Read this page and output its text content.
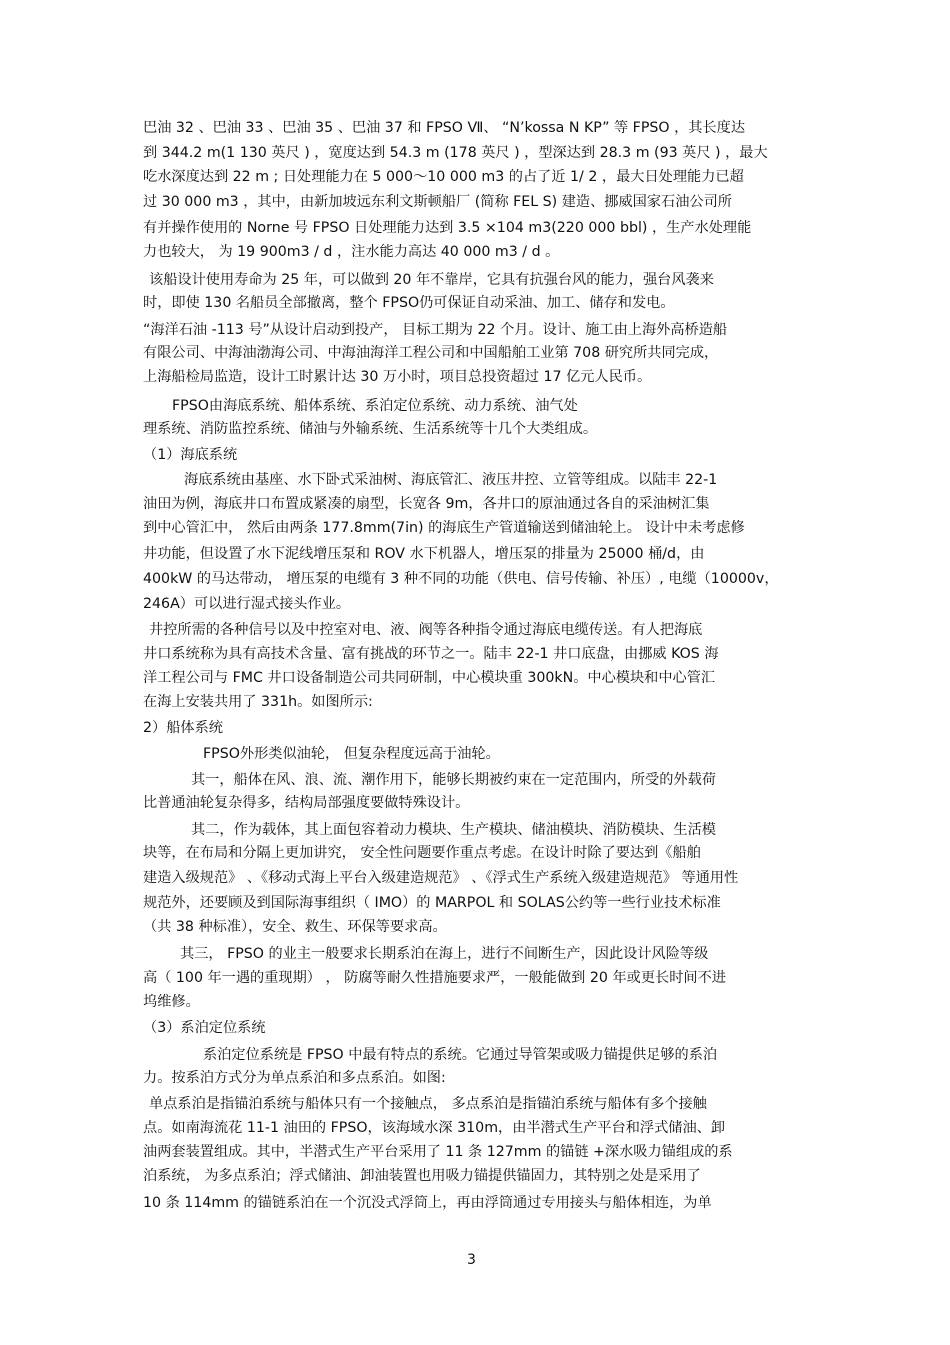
巴油 32 、巴油 33 、巴油 35 、巴油 37 和 FPSO Ⅶ、 “N’kossa N KP” 等 FPSO ，其长度达
到 344.2 m(1 130 英尺 ) ，宽度达到 54.3 m (178 英尺 ) ，型深达到 28.3 m (93 英尺 ) ，最大
吃水深度达到 22 m ; 日处理能力在 5 000～10 000 m3 的占了近 1/ 2 ，最大日处理能力已超
过 30 000 m3 ，其中，由新加坡远东利文斯顿船厂 (简称 FEL S) 建造、挪威国家石油公司所
有并操作使用的 Norne 号 FPSO 日处理能力达到 3.5 ×104 m3(220 000 bbl) ，生产水处理能
力也较大， 为 19 900m3 / d ，注水能力高达 40 000 m3 / d 。
该船设计使用寿命为 25 年，可以做到 20 年不靠岸，它具有抗强台风的能力，强台风袭来
时，即使 130 名船员全部撤离，整个 FPSO仍可保证自动采油、加工、储存和发电。
“海洋石油 -113 号”从设计启动到投产， 目标工期为 22 个月。设计、施工由上海外高桥造船
有限公司、中海油渤海公司、中海油海洋工程公司和中国船舶工业第 708 研究所共同完成，
上海船检局监造，设计工时累计达 30 万小时，项目总投资超过 17 亿元人民币。
FPSO由海底系统、船体系统、系泊定位系统、动力系统、油气处
理系统、消防监控系统、储油与外输系统、生活系统等十几个大类组成。
（1）海底系统
海底系统由基座、水下卧式采油树、海底管汇、液压井控、立管等组成。以陆丰 22-1
油田为例，海底井口布置成紧凑的扇型，长宽各 9m，各井口的原油通过各自的采油树汇集
到中心管汇中， 然后由两条 177.8mm(7in) 的海底生产管道输送到储油轮上。 设计中未考虑修
井功能，但设置了水下泥线增压泵和 ROV 水下机器人，增压泵的排量为 25000 桶/d，由
400kW 的马达带动， 增压泵的电缆有 3 种不同的功能（供电、信号传输、补压）, 电缆（10000v，
246A）可以进行湿式接头作业。
井控所需的各种信号以及中控室对电、液、阀等各种指令通过海底电缆传送。有人把海底
井口系统称为具有高技术含量、富有挑战的环节之一。陆丰 22-1 井口底盘，由挪威 KOS 海
洋工程公司与 FMC 井口设备制造公司共同研制，中心模块重 300kN。中心模块和中心管汇
在海上安装共用了 331h。如图所示:
2）船体系统
FPSO外形类似油轮， 但复杂程度远高于油轮。
其一，船体在风、浪、流、潮作用下，能够长期被约束在一定范围内，所受的外载荷
比普通油轮复杂得多，结构局部强度要做特殊设计。
其二，作为载体，其上面包容着动力模块、生产模块、储油模块、消防模块、生活模
块等，在布局和分隔上更加讲究， 安全性问题要作重点考虑。在设计时除了要达到《船舶
建造入级规范》 、《移动式海上平台入级建造规范》 、《浮式生产系统入级建造规范》 等通用性
规范外，还要顾及到国际海事组织（ IMO）的 MARPOL 和 SOLAS公约等一些行业技术标准
（共 38 种标准），安全、救生、环保等要求高。
其三， FPSO 的业主一般要求长期系泊在海上，进行不间断生产，因此设计风险等级
高（ 100 年一遇的重现期） ， 防腐等耐久性措施要求严，一般能做到 20 年或更长时间不进
坞维修。
（3）系泊定位系统
系泊定位系统是 FPSO 中最有特点的系统。它通过导管架或吸力锚提供足够的系泊
力。按系泊方式分为单点系泊和多点系泊。如图:
单点系泊是指锚泊系统与船体只有一个接触点， 多点系泊是指锚泊系统与船体有多个接触
点。如南海流花 11-1 油田的 FPSO，该海域水深 310m，由半潜式生产平台和浮式储油、卸
油两套装置组成。其中，半潜式生产平台采用了 11 条 127mm 的锚链 +深水吸力锚组成的系
泊系统， 为多点系泊；浮式储油、卸油装置也用吸力锚提供锚固力，其特别之处是采用了
10 条 114mm 的锚链系泊在一个沉没式浮筒上，再由浮筒通过专用接头与船体相连，为单
3
